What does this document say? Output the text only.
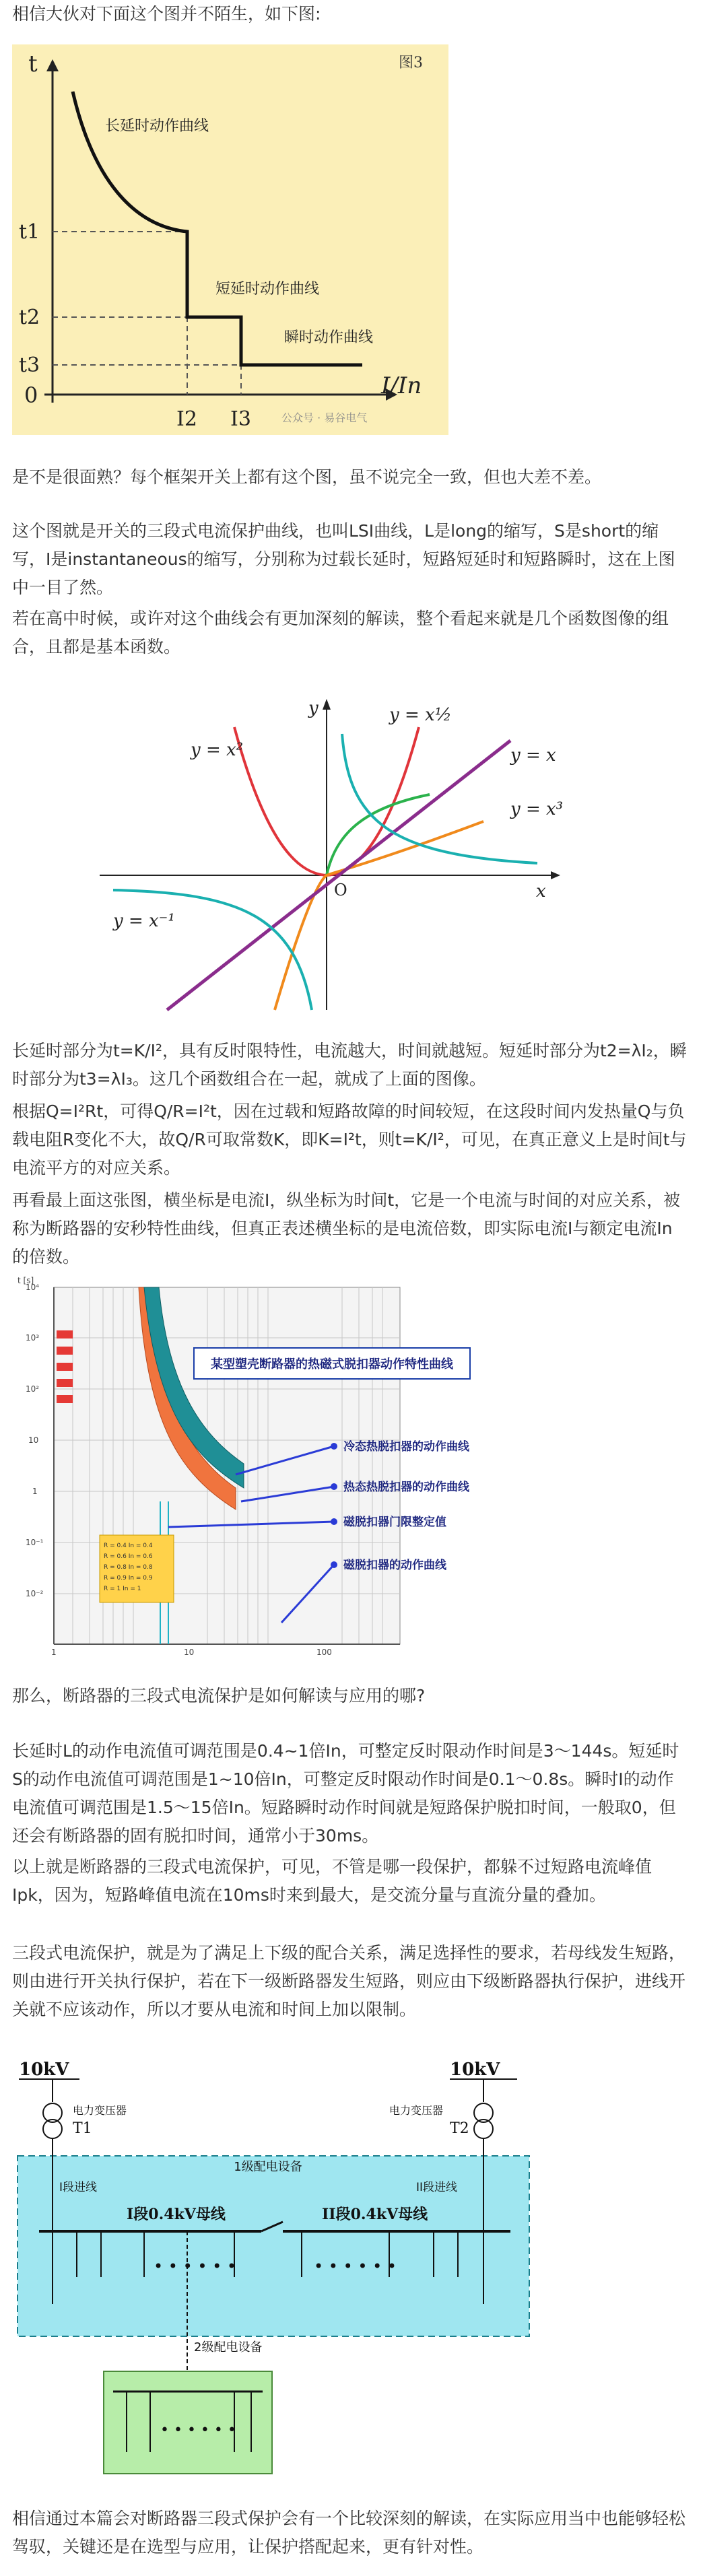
相信大伙对下面这个图并不陌生，如下图:

图3
t
I/In
0
t1
t2
t3
I2 I3
长延时动作曲线
短延时动作曲线
瞬时动作曲线
公众号 · 易谷电气

是不是很面熟？每个框架开关上都有这个图，虽不说完全一致，但也大差不差。

这个图就是开关的三段式电流保护曲线，也叫LSI曲线，L是long的缩写，S是short的缩写，I是instantaneous的缩写，分别称为过载长延时，短路短延时和短路瞬时，这在上图中一目了然。

若在高中时候，或许对这个曲线会有更加深刻的解读，整个看起来就是几个函数图像的组合，且都是基本函数。

y
x
O
y = x²
y = x½
y = x
y = x³
y = x⁻¹

长延时部分为t=K/I²，具有反时限特性，电流越大，时间就越短。短延时部分为t2=λI₂，瞬时部分为t3=λI₃。这几个函数组合在一起，就成了上面的图像。

根据Q=I²Rt，可得Q/R=I²t，因在过载和短路故障的时间较短，在这段时间内发热量Q与负载电阻R变化不大，故Q/R可取常数K，即K=I²t，则t=K/I²，可见，在真正意义上是时间t与电流平方的对应关系。

再看最上面这张图，横坐标是电流I，纵坐标为时间t，它是一个电流与时间的对应关系，被称为断路器的安秒特性曲线，但真正表述横坐标的是电流倍数，即实际电流I与额定电流In的倍数。

t [s]
10⁴
10³
10²
10
1
10⁻¹
10⁻²
1	10	100
R = 0.4 In = 0.4
R = 0.6 In = 0.6
R = 0.8 In = 0.8
R = 0.9 In = 0.9
R = 1 In = 1
某型塑壳断路器的热磁式脱扣器动作特性曲线
冷态热脱扣器的动作曲线
热态热脱扣器的动作曲线
磁脱扣器门限整定值
磁脱扣器的动作曲线

那么，断路器的三段式电流保护是如何解读与应用的哪?

长延时L的动作电流值可调范围是0.4~1倍In，可整定反时限动作时间是3～144s。短延时S的动作电流值可调范围是1~10倍In，可整定反时限动作时间是0.1～0.8s。瞬时I的动作电流值可调范围是1.5～15倍In。短路瞬时动作时间就是短路保护脱扣时间，一般取0，但还会有断路器的固有脱扣时间，通常小于30ms。

以上就是断路器的三段式电流保护，可见，不管是哪一段保护，都躲不过短路电流峰值Ipk，因为，短路峰值电流在10ms时来到最大，是交流分量与直流分量的叠加。

三段式电流保护，就是为了满足上下级的配合关系，满足选择性的要求，若母线发生短路，则由进行开关执行保护，若在下一级断路器发生短路，则应由下级断路器执行保护，进线开关就不应该动作，所以才要从电流和时间上加以限制。

10kV
电力变压器
T1
10kV
电力变压器
T2
1级配电设备
I段进线	II段进线
I段0.4kV母线	II段0.4kV母线
• • • • • •	• • • • • •
2级配电设备
• • • • • •

相信通过本篇会对断路器三段式保护会有一个比较深刻的解读，在实际应用当中也能够轻松驾驭，关键还是在选型与应用，让保护搭配起来，更有针对性。
